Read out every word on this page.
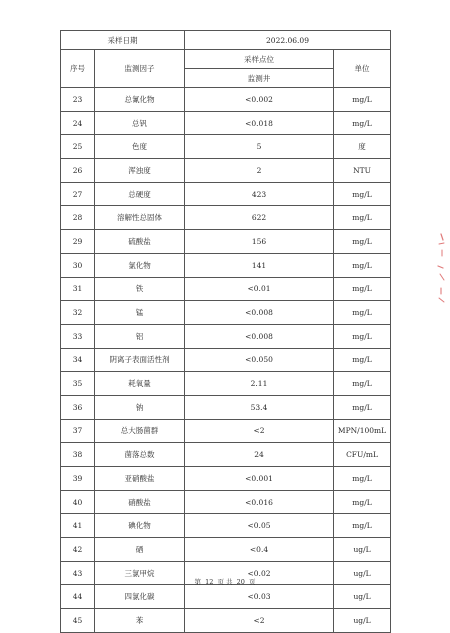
采样日期		2022.06.09	
序号	监测因子	采样点位	单位
		监测井	
23	总氰化物	<0.002	mg/L
24	总钒	<0.018	mg/L
25	色度	5	度
26	浑浊度	2	NTU
27	总硬度	423	mg/L
28	溶解性总固体	622	mg/L
29	硫酸盐	156	mg/L
30	氯化物	141	mg/L
31	铁	<0.01	mg/L
32	锰	<0.008	mg/L
33	铝	<0.008	mg/L
34	阴离子表面活性剂	<0.050	mg/L
35	耗氧量	2.11	mg/L
36	钠	53.4	mg/L
37	总大肠菌群	<2	MPN/100mL
38	菌落总数	24	CFU/mL
39	亚硝酸盐	<0.001	mg/L
40	硝酸盐	<0.016	mg/L
41	碘化物	<0.05	mg/L
42	硒	<0.4	ug/L
43	三氯甲烷	<0.02	ug/L
44	四氯化碳	<0.03	ug/L
45	苯	<2	ug/L
第 12 页 共 20 页
